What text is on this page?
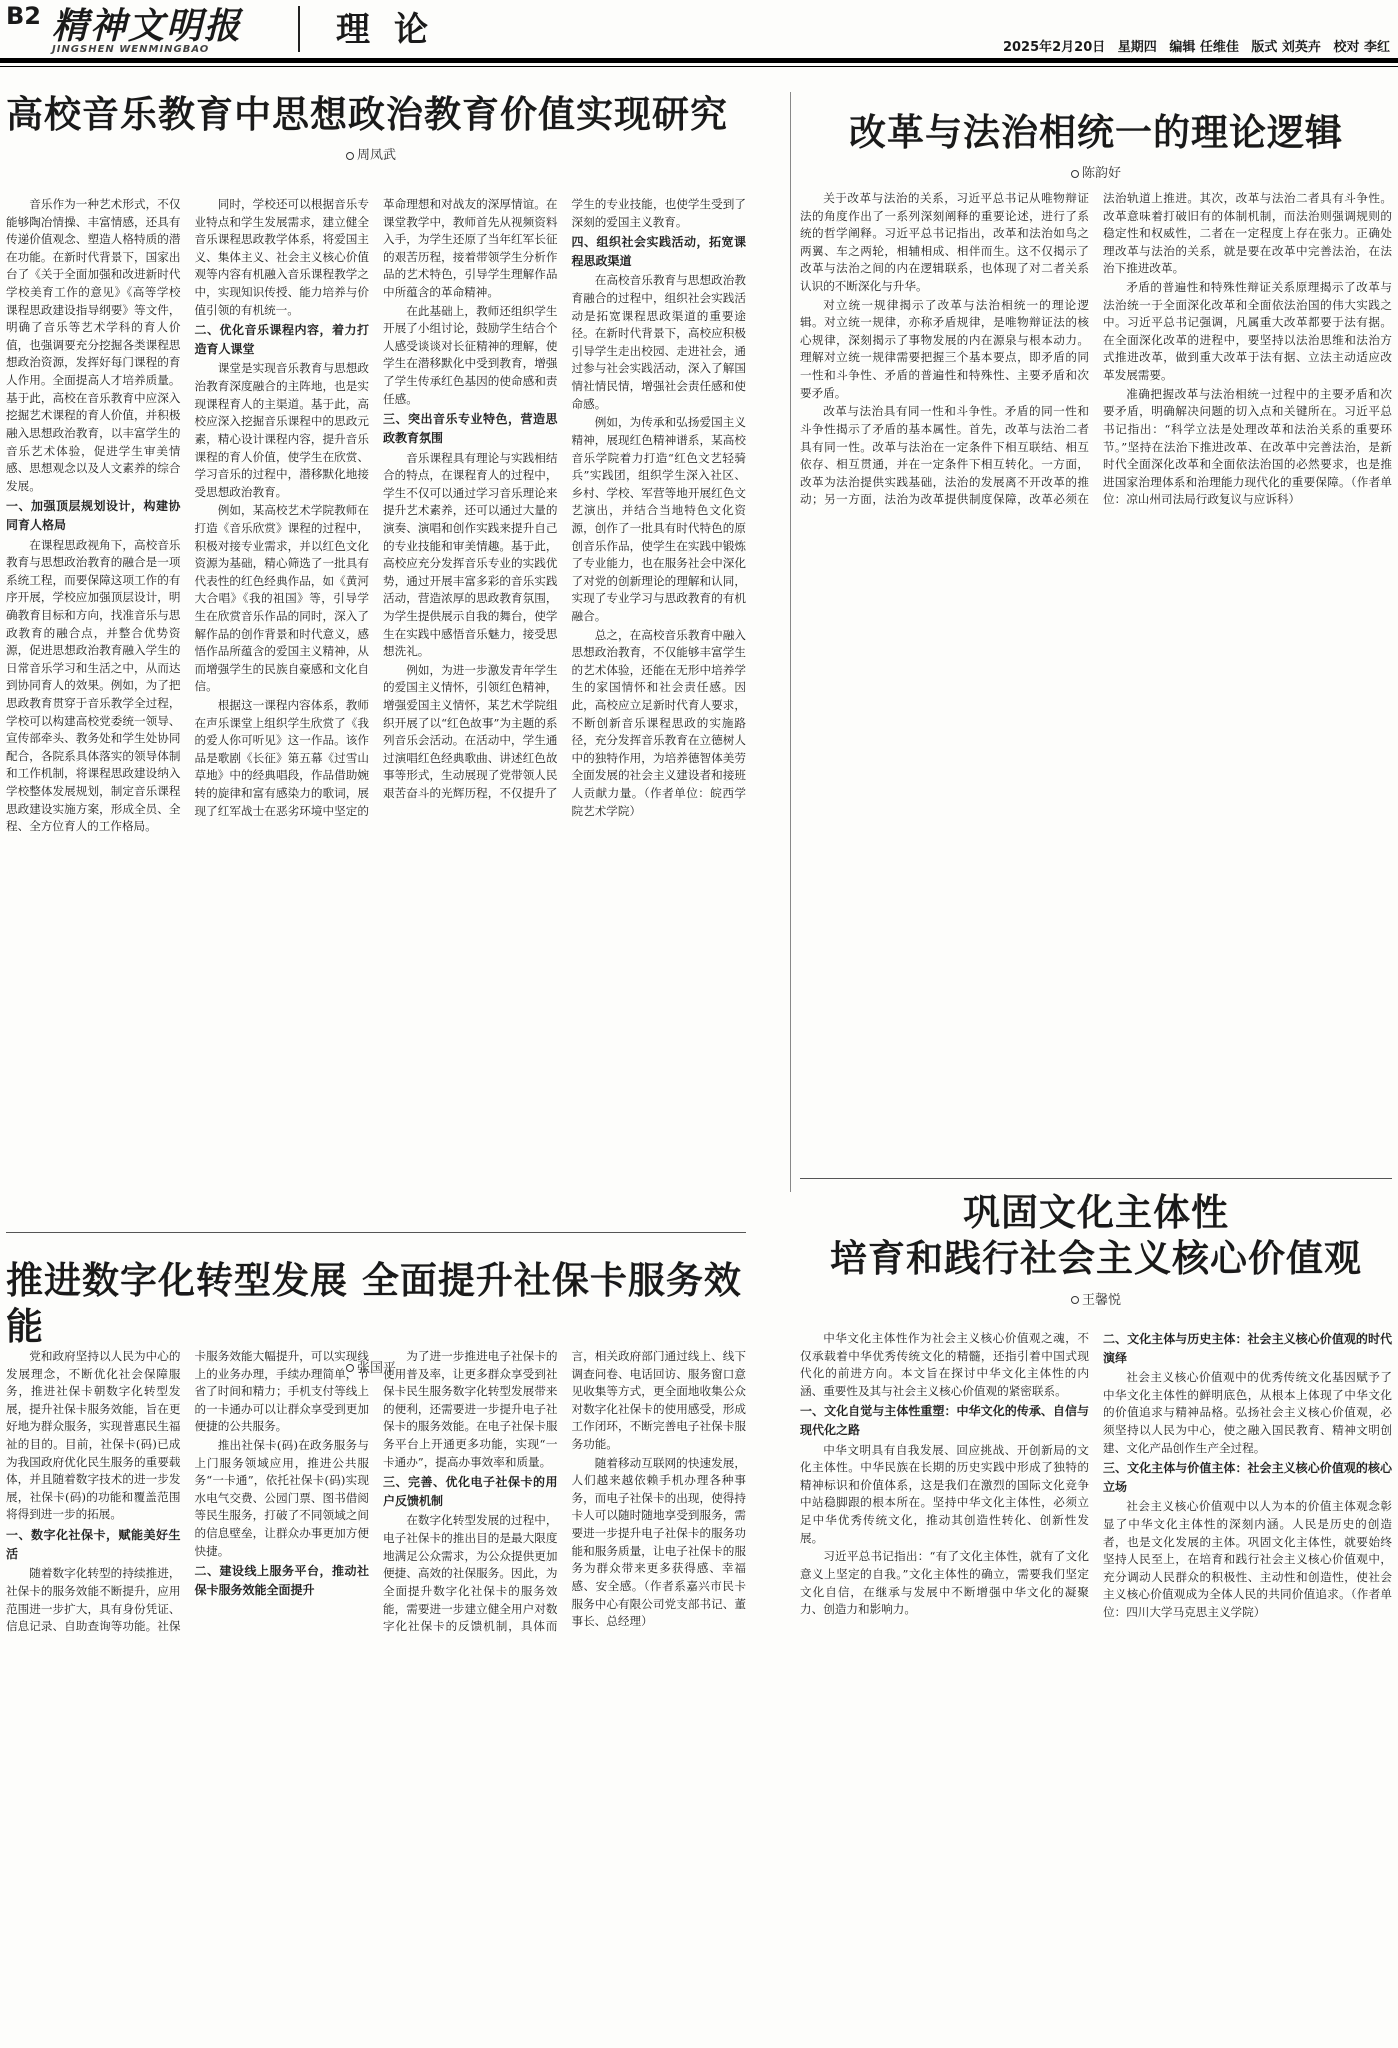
B2 精神文明报
JINGSHEN WENMINGBAO	理论	2025年2月20日 星期四 编辑 任维佳 版式 刘英卉 校对 李红
高校音乐教育中思想政治教育价值实现研究
周凤武

音乐作为一种艺术形式，不仅能够陶冶情操、丰富情感，还具有传递价值观念、塑造人格特质的潜在功能。在新时代背景下，国家出台了《关于全面加强和改进新时代学校美育工作的意见》《高等学校课程思政建设指导纲要》等文件，明确了音乐等艺术学科的育人价值，也强调要充分挖掘各类课程思想政治资源，发挥好每门课程的育人作用。全面提高人才培养质量。基于此，高校在音乐教育中应深入挖掘艺术课程的育人价值，并积极融入思想政治教育，以丰富学生的音乐艺术体验，促进学生审美情感、思想观念以及人文素养的综合发展。

一、加强顶层规划设计，构建协同育人格局

在课程思政视角下，高校音乐教育与思想政治教育的融合是一项系统工程，而要保障这项工作的有序开展，学校应加强顶层设计，明确教育目标和方向，找准音乐与思政教育的融合点，并整合优势资源，促进思想政治教育融入学生的日常音乐学习和生活之中，从而达到协同育人的效果。例如，为了把思政教育贯穿于音乐教学全过程，学校可以构建高校党委统一领导、宣传部牵头、教务处和学生处协同配合，各院系具体落实的领导体制和工作机制，将课程思政建设纳入学校整体发展规划，制定音乐课程思政建设实施方案，形成全员、全程、全方位育人的工作格局。

同时，学校还可以根据音乐专业特点和学生发展需求，建立健全音乐课程思政教学体系，将爱国主义、集体主义、社会主义核心价值观等内容有机融入音乐课程教学之中，实现知识传授、能力培养与价值引领的有机统一。

二、优化音乐课程内容，着力打造育人课堂

课堂是实现音乐教育与思想政治教育深度融合的主阵地，也是实现课程育人的主渠道。基于此，高校应深入挖掘音乐课程中的思政元素，精心设计课程内容，提升音乐课程的育人价值，使学生在欣赏、学习音乐的过程中，潜移默化地接受思想政治教育。

例如，某高校艺术学院教师在打造《音乐欣赏》课程的过程中，积极对接专业需求，并以红色文化资源为基础，精心筛选了一批具有代表性的红色经典作品，如《黄河大合唱》《我的祖国》等，引导学生在欣赏音乐作品的同时，深入了解作品的创作背景和时代意义，感悟作品所蕴含的爱国主义精神，从而增强学生的民族自豪感和文化自信。

根据这一课程内容体系，教师在声乐课堂上组织学生欣赏了《我的爱人你可听见》这一作品。该作品是歌剧《长征》第五幕《过雪山草地》中的经典唱段，作品借助婉转的旋律和富有感染力的歌词，展现了红军战士在恶劣环境中坚定的革命理想和对战友的深厚情谊。在课堂教学中，教师首先从视频资料入手，为学生还原了当年红军长征的艰苦历程，接着带领学生分析作品的艺术特色，引导学生理解作品中所蕴含的革命精神。

在此基础上，教师还组织学生开展了小组讨论，鼓励学生结合个人感受谈谈对长征精神的理解，使学生在潜移默化中受到教育，增强了学生传承红色基因的使命感和责任感。

三、突出音乐专业特色，营造思政教育氛围

音乐课程具有理论与实践相结合的特点，在课程育人的过程中，学生不仅可以通过学习音乐理论来提升艺术素养，还可以通过大量的演奏、演唱和创作实践来提升自己的专业技能和审美情趣。基于此，高校应充分发挥音乐专业的实践优势，通过开展丰富多彩的音乐实践活动，营造浓厚的思政教育氛围，为学生提供展示自我的舞台，使学生在实践中感悟音乐魅力，接受思想洗礼。

例如，为进一步激发青年学生的爱国主义情怀，引领红色精神，增强爱国主义情怀，某艺术学院组织开展了以“红色故事”为主题的系列音乐会活动。在活动中，学生通过演唱红色经典歌曲、讲述红色故事等形式，生动展现了党带领人民艰苦奋斗的光辉历程，不仅提升了学生的专业技能，也使学生受到了深刻的爱国主义教育。

四、组织社会实践活动，拓宽课程思政渠道

在高校音乐教育与思想政治教育融合的过程中，组织社会实践活动是拓宽课程思政渠道的重要途径。在新时代背景下，高校应积极引导学生走出校园、走进社会，通过参与社会实践活动，深入了解国情社情民情，增强社会责任感和使命感。

例如，为传承和弘扬爱国主义精神，展现红色精神谱系，某高校音乐学院着力打造“红色文艺轻骑兵”实践团，组织学生深入社区、乡村、学校、军营等地开展红色文艺演出，并结合当地特色文化资源，创作了一批具有时代特色的原创音乐作品，使学生在实践中锻炼了专业能力，也在服务社会中深化了对党的创新理论的理解和认同，实现了专业学习与思政教育的有机融合。

总之，在高校音乐教育中融入思想政治教育，不仅能够丰富学生的艺术体验，还能在无形中培养学生的家国情怀和社会责任感。因此，高校应立足新时代育人要求，不断创新音乐课程思政的实施路径，充分发挥音乐教育在立德树人中的独特作用，为培养德智体美劳全面发展的社会主义建设者和接班人贡献力量。（作者单位：皖西学院艺术学院）

改革与法治相统一的理论逻辑
陈韵好

关于改革与法治的关系，习近平总书记从唯物辩证法的角度作出了一系列深刻阐释的重要论述，进行了系统的哲学阐释。习近平总书记指出，改革和法治如鸟之两翼、车之两轮，相辅相成、相伴而生。这不仅揭示了改革与法治之间的内在逻辑联系，也体现了对二者关系认识的不断深化与升华。

对立统一规律揭示了改革与法治相统一的理论逻辑。对立统一规律，亦称矛盾规律，是唯物辩证法的核心规律，深刻揭示了事物发展的内在源泉与根本动力。理解对立统一规律需要把握三个基本要点，即矛盾的同一性和斗争性、矛盾的普遍性和特殊性、主要矛盾和次要矛盾。

改革与法治具有同一性和斗争性。矛盾的同一性和斗争性揭示了矛盾的基本属性。首先，改革与法治二者具有同一性。改革与法治在一定条件下相互联结、相互依存、相互贯通，并在一定条件下相互转化。一方面，改革为法治提供实践基础，法治的发展离不开改革的推动；另一方面，法治为改革提供制度保障，改革必须在法治轨道上推进。其次，改革与法治二者具有斗争性。改革意味着打破旧有的体制机制，而法治则强调规则的稳定性和权威性，二者在一定程度上存在张力。正确处理改革与法治的关系，就是要在改革中完善法治，在法治下推进改革。

矛盾的普遍性和特殊性辩证关系原理揭示了改革与法治统一于全面深化改革和全面依法治国的伟大实践之中。习近平总书记强调，凡属重大改革都要于法有据。在全面深化改革的进程中，要坚持以法治思维和法治方式推进改革，做到重大改革于法有据、立法主动适应改革发展需要。

准确把握改革与法治相统一过程中的主要矛盾和次要矛盾，明确解决问题的切入点和关键所在。习近平总书记指出：“科学立法是处理改革和法治关系的重要环节。”坚持在法治下推进改革、在改革中完善法治，是新时代全面深化改革和全面依法治国的必然要求，也是推进国家治理体系和治理能力现代化的重要保障。（作者单位：凉山州司法局行政复议与应诉科）

巩固文化主体性
培育和践行社会主义核心价值观
王馨悦

中华文化主体性作为社会主义核心价值观之魂，不仅承载着中华优秀传统文化的精髓，还指引着中国式现代化的前进方向。本文旨在探讨中华文化主体性的内涵、重要性及其与社会主义核心价值观的紧密联系。

一、文化自觉与主体性重塑：中华文化的传承、自信与现代化之路

中华文明具有自我发展、回应挑战、开创新局的文化主体性。中华民族在长期的历史实践中形成了独特的精神标识和价值体系，这是我们在激烈的国际文化竞争中站稳脚跟的根本所在。坚持中华文化主体性，必须立足中华优秀传统文化，推动其创造性转化、创新性发展。

习近平总书记指出：“有了文化主体性，就有了文化意义上坚定的自我。”文化主体性的确立，需要我们坚定文化自信，在继承与发展中不断增强中华文化的凝聚力、创造力和影响力。

二、文化主体与历史主体：社会主义核心价值观的时代演绎

社会主义核心价值观中的优秀传统文化基因赋予了中华文化主体性的鲜明底色，从根本上体现了中华文化的价值追求与精神品格。弘扬社会主义核心价值观，必须坚持以人民为中心，使之融入国民教育、精神文明创建、文化产品创作生产全过程。

三、文化主体与价值主体：社会主义核心价值观的核心立场

社会主义核心价值观中以人为本的价值主体观念彰显了中华文化主体性的深刻内涵。人民是历史的创造者，也是文化发展的主体。巩固文化主体性，就要始终坚持人民至上，在培育和践行社会主义核心价值观中，充分调动人民群众的积极性、主动性和创造性，使社会主义核心价值观成为全体人民的共同价值追求。（作者单位：四川大学马克思主义学院）

推进数字化转型发展 全面提升社保卡服务效能
张国平

党和政府坚持以人民为中心的发展理念，不断优化社会保障服务，推进社保卡朝数字化转型发展，提升社保卡服务效能，旨在更好地为群众服务，实现普惠民生福祉的目的。目前，社保卡(码)已成为我国政府优化民生服务的重要载体，并且随着数字技术的进一步发展，社保卡(码)的功能和覆盖范围将得到进一步的拓展。

一、数字化社保卡，赋能美好生活

随着数字化转型的持续推进，社保卡的服务效能不断提升，应用范围进一步扩大，具有身份凭证、信息记录、自助查询等功能。社保卡服务效能大幅提升，可以实现线上的业务办理，手续办理简单，节省了时间和精力；手机支付等线上的一卡通办可以让群众享受到更加便捷的公共服务。

推出社保卡(码)在政务服务与上门服务领域应用，推进公共服务“一卡通”，依托社保卡(码)实现水电气交费、公园门票、图书借阅等民生服务，打破了不同领域之间的信息壁垒，让群众办事更加方便快捷。

二、建设线上服务平台，推动社保卡服务效能全面提升

为了进一步推进电子社保卡的使用普及率，让更多群众享受到社保卡民生服务数字化转型发展带来的便利，还需要进一步提升电子社保卡的服务效能。在电子社保卡服务平台上开通更多功能，实现“一卡通办”，提高办事效率和质量。

三、完善、优化电子社保卡的用户反馈机制

在数字化转型发展的过程中，电子社保卡的推出目的是最大限度地满足公众需求，为公众提供更加便捷、高效的社保服务。因此，为全面提升数字化社保卡的服务效能，需要进一步建立健全用户对数字化社保卡的反馈机制，具体而言，相关政府部门通过线上、线下调查问卷、电话回访、服务窗口意见收集等方式，更全面地收集公众对数字化社保卡的使用感受，形成工作闭环，不断完善电子社保卡服务功能。

随着移动互联网的快速发展，人们越来越依赖手机办理各种事务，而电子社保卡的出现，使得持卡人可以随时随地享受到服务，需要进一步提升电子社保卡的服务功能和服务质量，让电子社保卡的服务为群众带来更多获得感、幸福感、安全感。（作者系嘉兴市民卡服务中心有限公司党支部书记、董事长、总经理）
